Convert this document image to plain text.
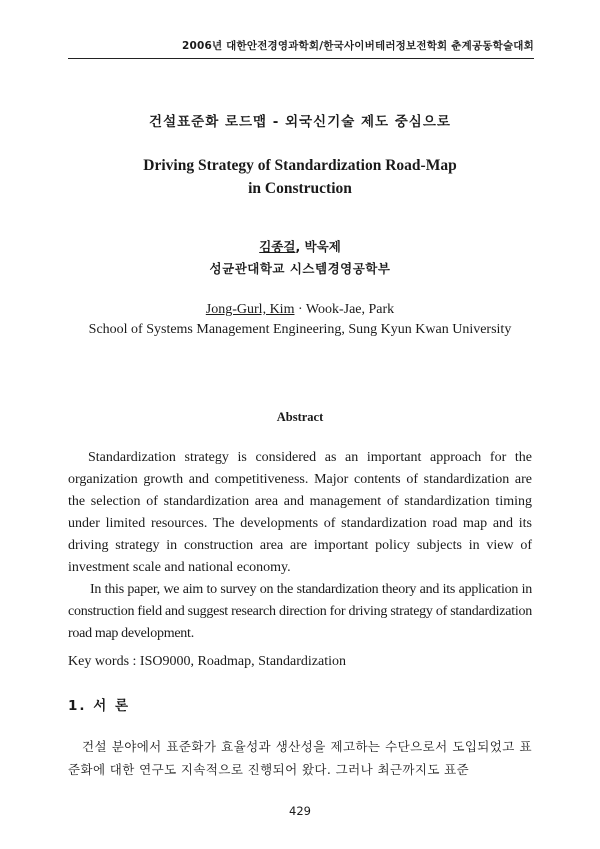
2006년 대한안전경영과학회/한국사이버테러정보전학회 춘계공동학술대회
건설표준화 로드맵 - 외국신기술 제도 중심으로
Driving Strategy of Standardization Road-Map
in Construction
김종걸, 박욱제
성균관대학교 시스템경영공학부
Jong-Gurl, Kim · Wook-Jae, Park
School of Systems Management Engineering, Sung Kyun Kwan University
Abstract

Standardization strategy is considered as an important approach for the organization growth and competitiveness. Major contents of standardization are the selection of standardization area and management of standardization timing under limited resources. The developments of standardization road map and its driving strategy in construction area are important policy subjects in view of investment scale and national economy.

In this paper, we aim to survey on the standardization theory and its application in construction field and suggest research direction for driving strategy of standardization road map development.

Key words : ISO9000, Roadmap, Standardization
1. 서 론
건설 분야에서 표준화가 효율성과 생산성을 제고하는 수단으로서 도입되었고 표준화에 대한 연구도 지속적으로 진행되어 왔다. 그러나 최근까지도 표준
429
